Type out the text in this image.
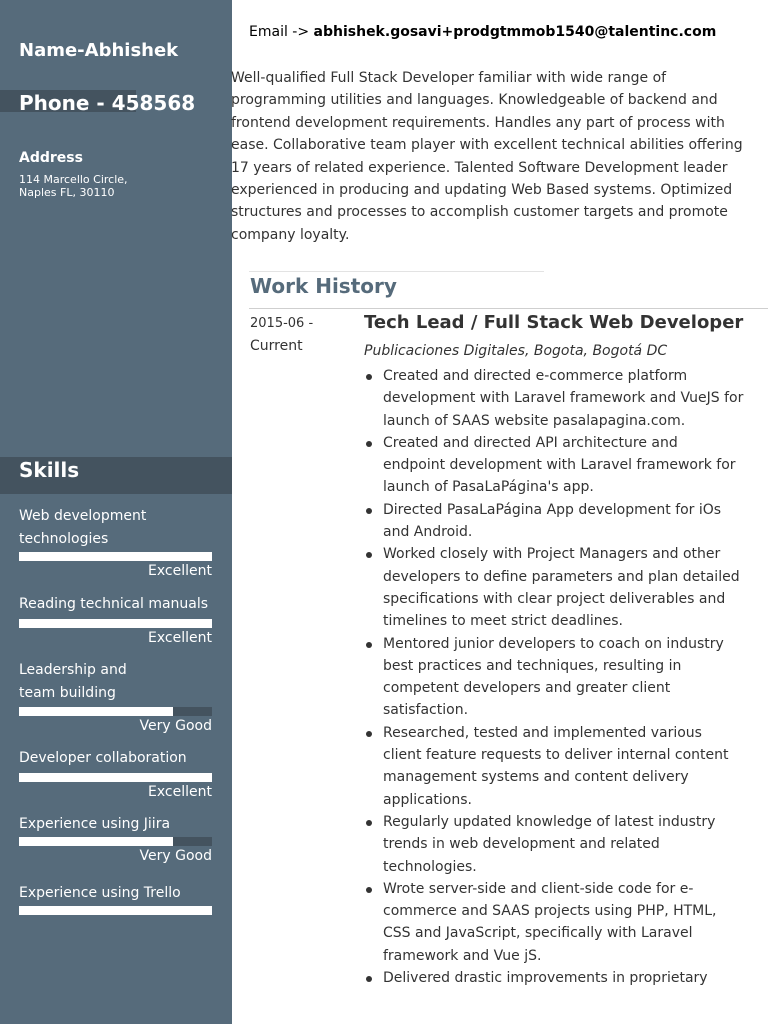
Name-Abhishek
Phone - 458568
Address
114 Marcello Circle,
Naples FL, 30110
Skills
Web development technologies
Excellent
Reading technical manuals
Excellent
Leadership and team building
Very Good
Developer collaboration
Excellent
Experience using Jiira
Very Good
Experience using Trello
Email -> abhishek.gosavi+prodgtmmob1540@talentinc.com
Well-qualified Full Stack Developer familiar with wide range of programming utilities and languages. Knowledgeable of backend and frontend development requirements. Handles any part of process with ease. Collaborative team player with excellent technical abilities offering 17 years of related experience. Talented Software Development leader experienced in producing and updating Web Based systems. Optimized structures and processes to accomplish customer targets and promote company loyalty.
Work History
2015-06 -
Current
Tech Lead / Full Stack Web Developer
Publicaciones Digitales, Bogota, Bogotá DC
Created and directed e-commerce platform development with Laravel framework and VueJS for launch of SAAS website pasalapagina.com.
Created and directed API architecture and endpoint development with Laravel framework for launch of PasaLaPágina's app.
Directed PasaLaPágina App development for iOs and Android.
Worked closely with Project Managers and other developers to define parameters and plan detailed specifications with clear project deliverables and timelines to meet strict deadlines.
Mentored junior developers to coach on industry best practices and techniques, resulting in competent developers and greater client satisfaction.
Researched, tested and implemented various client feature requests to deliver internal content management systems and content delivery applications.
Regularly updated knowledge of latest industry trends in web development and related technologies.
Wrote server-side and client-side code for e-commerce and SAAS projects using PHP, HTML, CSS and JavaScript, specifically with Laravel framework and Vue jS.
Delivered drastic improvements in proprietary
